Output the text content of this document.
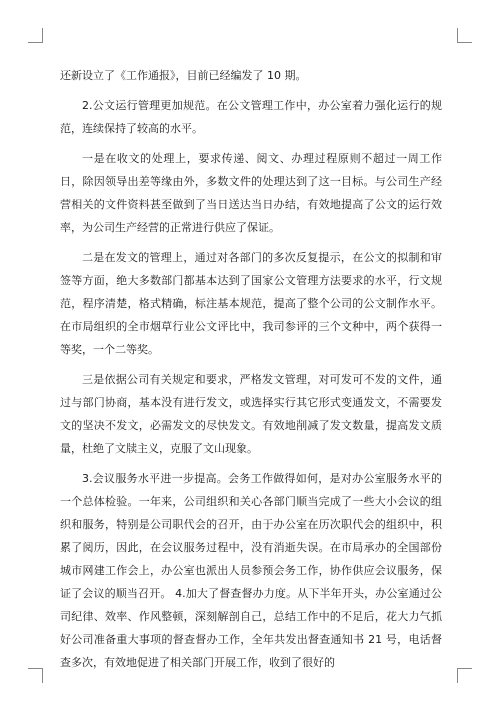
还新设立了《工作通报》，目前已经编发了 10 期。

2.公文运行管理更加规范。在公文管理工作中，办公室着力强化运行的规范，连续保持了较高的水平。

一是在收文的处理上，要求传递、阅文、办理过程原则不超过一周工作日，除因领导出差等缘由外，多数文件的处理达到了这一目标。与公司生产经营相关的文件资料甚至做到了当日送达当日办结，有效地提高了公文的运行效率，为公司生产经营的正常进行供应了保证。

二是在发文的管理上，通过对各部门的多次反复提示，在公文的拟制和审签等方面，绝大多数部门都基本达到了国家公文管理方法要求的水平，行文规范，程序清楚，格式精确，标注基本规范，提高了整个公司的公文制作水平。在市局组织的全市烟草行业公文评比中，我司参评的三个文种中，两个获得一等奖，一个二等奖。

三是依据公司有关规定和要求，严格发文管理，对可发可不发的文件，通过与部门协商，基本没有进行发文，或选择实行其它形式变通发文，不需要发文的坚决不发文，必需发文的尽快发文。有效地削减了发文数量，提高发文质量，杜绝了文牍主义，克服了文山现象。

3.会议服务水平进一步提高。会务工作做得如何，是对办公室服务水平的一个总体检验。一年来，公司组织和关心各部门顺当完成了一些大小会议的组织和服务，特别是公司职代会的召开，由于办公室在历次职代会的组织中，积累了阅历，因此，在会议服务过程中，没有消逝失误。在市局承办的全国部份城市网建工作会上，办公室也派出人员参预会务工作，协作供应会议服务，保证了会议的顺当召开。 4.加大了督查督办力度。从下半年开头，办公室通过公司纪律、效率、作风整顿，深刻解剖自己，总结工作中的不足后，花大力气抓好公司准备重大事项的督查督办工作，全年共发出督查通知书 21 号，电话督查多次，有效地促进了相关部门开展工作，收到了很好的
